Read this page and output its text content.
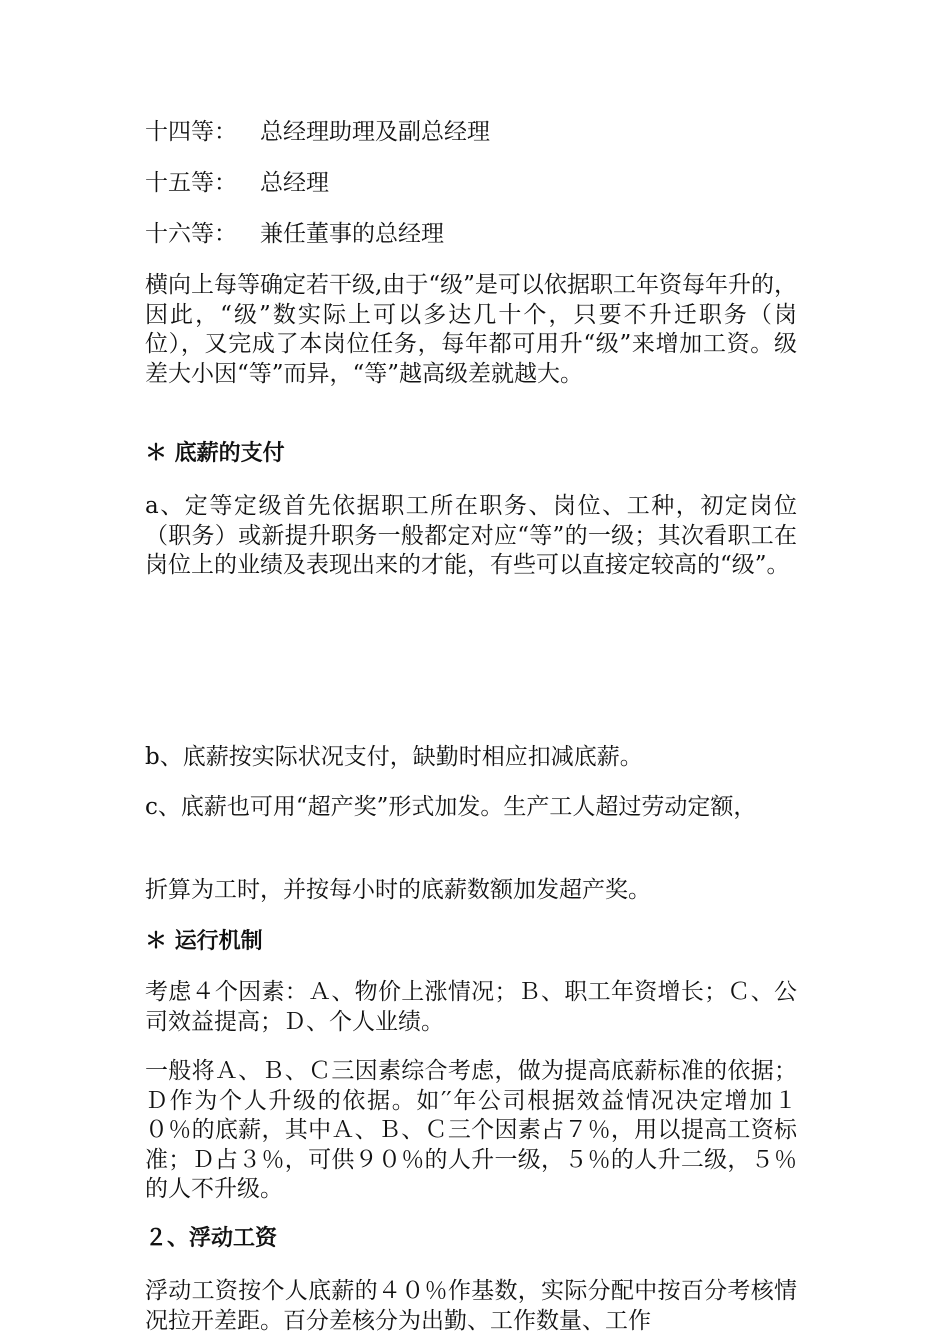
十四等： 总经理助理及副总经理
十五等： 总经理
十六等： 兼任董事的总经理
横向上每等确定若干级,由于“级”是可以依据职工年资每年升的，因此，“级”数实际上可以多达几十个，只要不升迁职务（岗位），又完成了本岗位任务，每年都可用升“级”来增加工资。级差大小因“等”而异，“等”越高级差就越大。
＊ 底薪的支付
a、定等定级首先依据职工所在职务、岗位、工种，初定岗位（职务）或新提升职务一般都定对应“等”的一级；其次看职工在岗位上的业绩及表现出来的才能，有些可以直接定较高的“级”。
b、底薪按实际状况支付，缺勤时相应扣减底薪。
c、底薪也可用“超产奖”形式加发。生产工人超过劳动定额，
折算为工时，并按每小时的底薪数额加发超产奖。
＊ 运行机制
考虑４个因素：Ａ、物价上涨情况；Ｂ、职工年资增长；Ｃ、公司效益提高；Ｄ、个人业绩。
一般将Ａ、Ｂ、Ｃ三因素综合考虑，做为提高底薪标准的依据；Ｄ作为个人升级的依据。如′′年公司根据效益情况决定增加１０％的底薪，其中Ａ、Ｂ、Ｃ三个因素占７％，用以提高工资标准；Ｄ占３％，可供９０％的人升一级，５％的人升二级，５％的人不升级。
２、浮动工资
浮动工资按个人底薪的４０％作基数，实际分配中按百分考核情况拉开差距。百分差核分为出勤、工作数量、工作
